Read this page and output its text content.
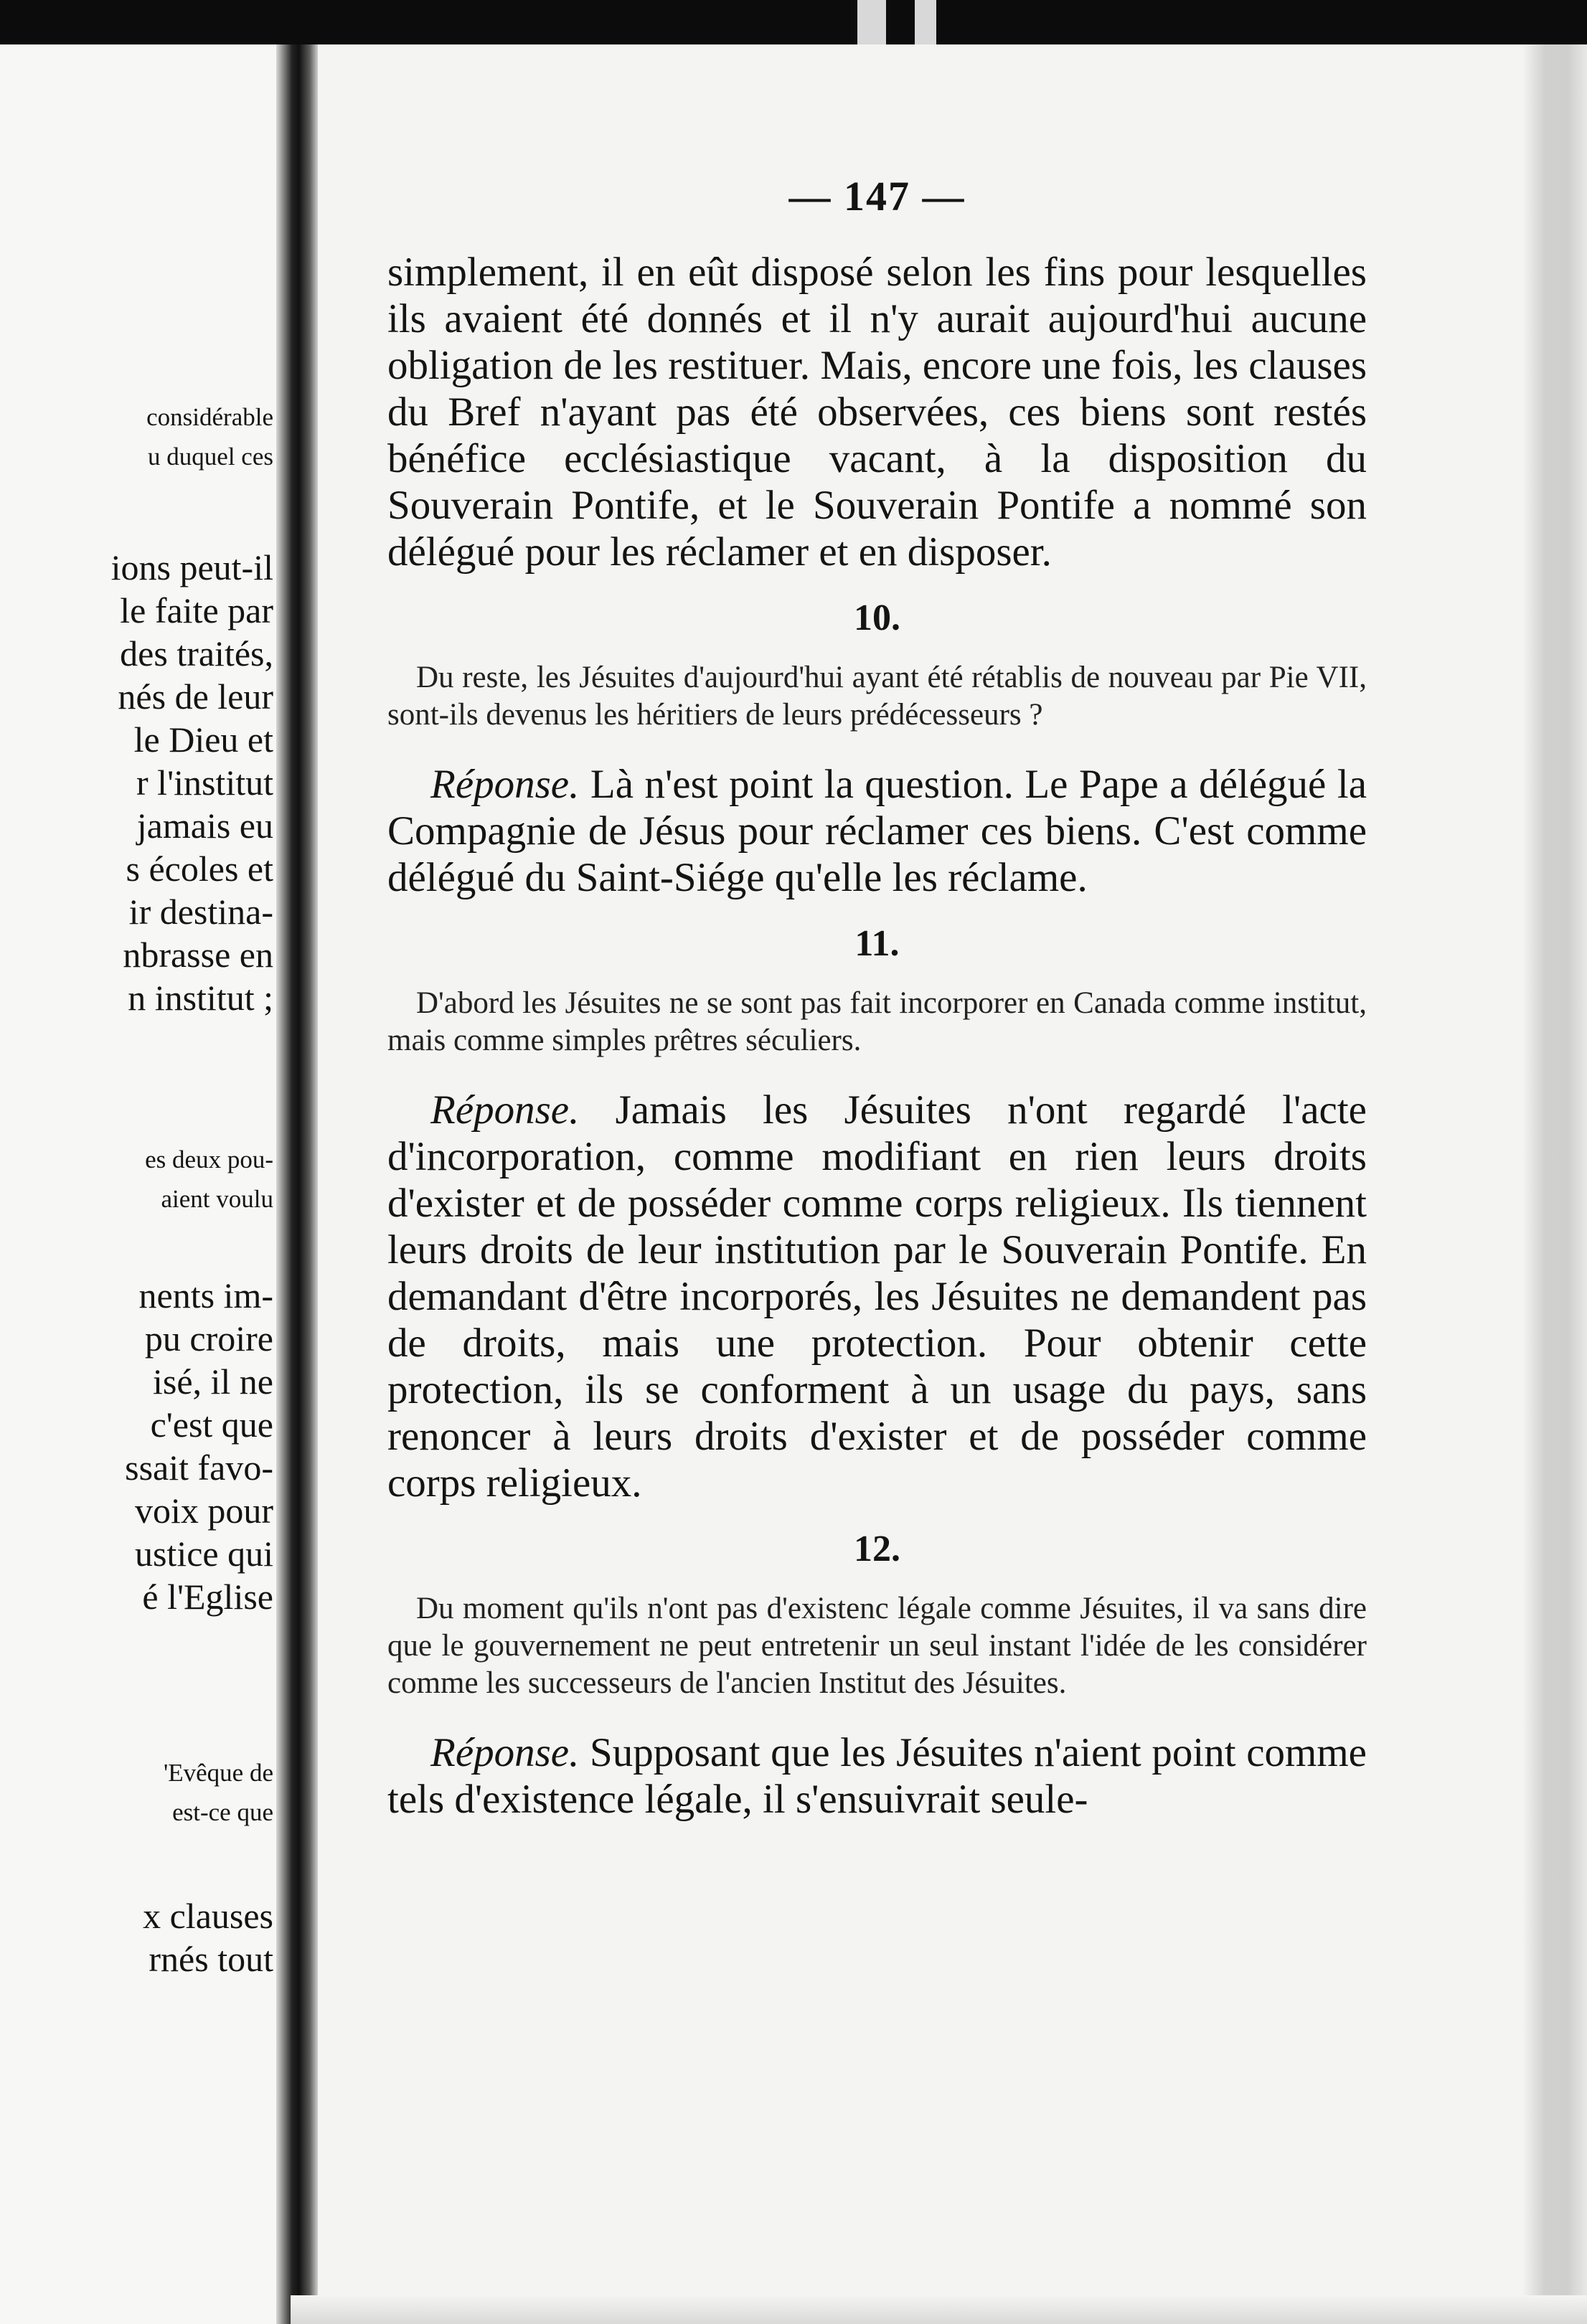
considérable
u duquel ces
ions peut-il
le faite par
des traités,
nés de leur
le Dieu et
r l'institut
jamais eu
s écoles et
ir destina-
nbrasse en
n institut ;
es deux pou-
aient voulu
nents im-
pu croire
isé, il ne
c'est que
ssait favo-
voix pour
ustice qui
é l'Eglise
'Evêque de
est-ce que
x clauses
rnés tout
— 147 —

simplement, il en eût disposé selon les fins pour lesquelles ils avaient été donnés et il n'y aurait aujourd'hui aucune obligation de les restituer. Mais, encore une fois, les clauses du Bref n'ayant pas été observées, ces biens sont restés bénéfice ecclésiastique vacant, à la disposition du Souverain Pontife, et le Souverain Pontife a nommé son délégué pour les réclamer et en disposer.

10.

Du reste, les Jésuites d'aujourd'hui ayant été rétablis de nouveau par Pie VII, sont-ils devenus les héritiers de leurs prédécesseurs ?

Réponse. Là n'est point la question. Le Pape a délégué la Compagnie de Jésus pour réclamer ces biens. C'est comme délégué du Saint-Siége qu'elle les réclame.

11.

D'abord les Jésuites ne se sont pas fait incorporer en Canada comme institut, mais comme simples prêtres séculiers.

Réponse. Jamais les Jésuites n'ont regardé l'acte d'incorporation, comme modifiant en rien leurs droits d'exister et de posséder comme corps religieux. Ils tiennent leurs droits de leur institution par le Souverain Pontife. En demandant d'être incorporés, les Jésuites ne demandent pas de droits, mais une protection. Pour obtenir cette protection, ils se conforment à un usage du pays, sans renoncer à leurs droits d'exister et de posséder comme corps religieux.

12.

Du moment qu'ils n'ont pas d'existenc légale comme Jésuites, il va sans dire que le gouvernement ne peut entretenir un seul instant l'idée de les considérer comme les successeurs de l'ancien Institut des Jésuites.

Réponse. Supposant que les Jésuites n'aient point comme tels d'existence légale, il s'ensuivrait seule-
